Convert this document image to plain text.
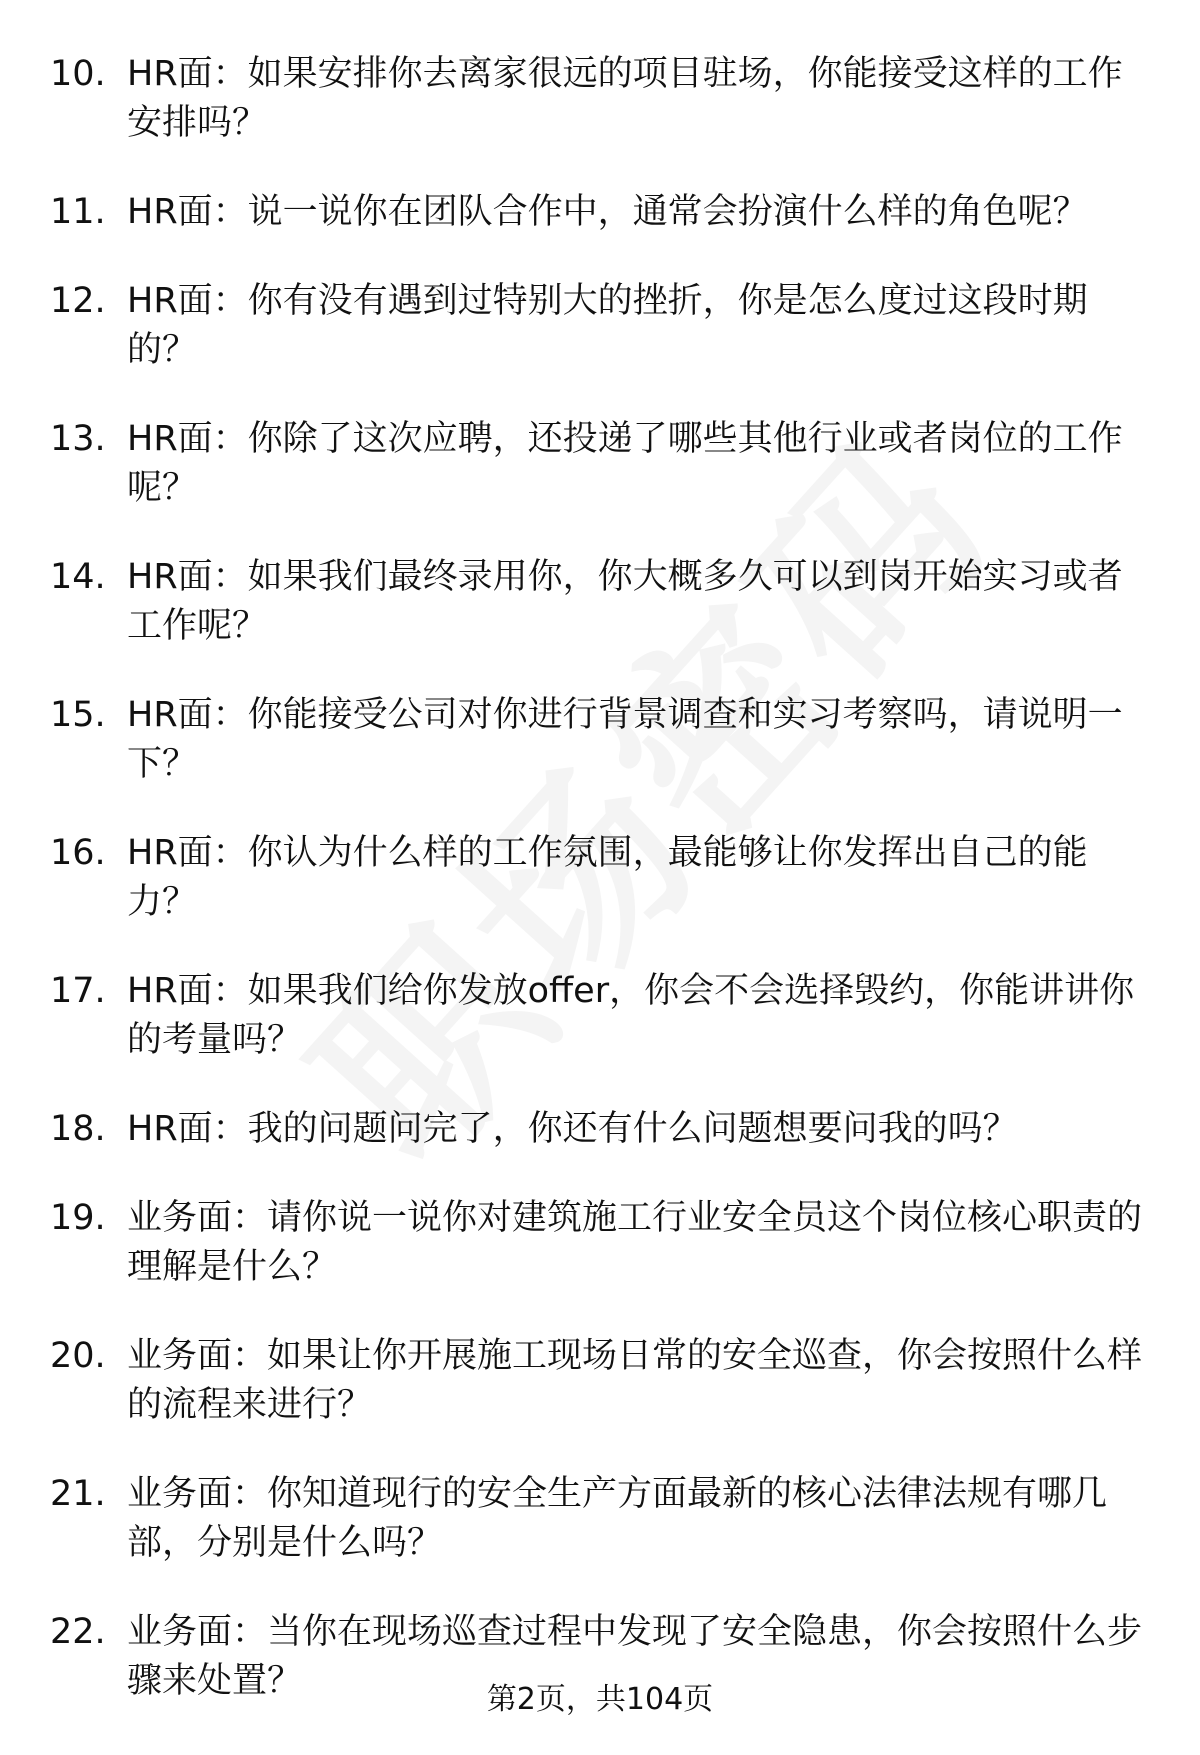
10. HR面：如果安排你去离家很远的项目驻场，你能接受这样的工作安排吗？
11. HR面：说一说你在团队合作中，通常会扮演什么样的角色呢？
12. HR面：你有没有遇到过特别大的挫折，你是怎么度过这段时期的？
13. HR面：你除了这次应聘，还投递了哪些其他行业或者岗位的工作呢？
14. HR面：如果我们最终录用你，你大概多久可以到岗开始实习或者工作呢？
15. HR面：你能接受公司对你进行背景调查和实习考察吗，请说明一下？
16. HR面：你认为什么样的工作氛围，最能够让你发挥出自己的能力？
17. HR面：如果我们给你发放offer，你会不会选择毁约，你能讲讲你的考量吗？
18. HR面：我的问题问完了，你还有什么问题想要问我的吗？
19. 业务面：请你说一说你对建筑施工行业安全员这个岗位核心职责的理解是什么？
20. 业务面：如果让你开展施工现场日常的安全巡查，你会按照什么样的流程来进行？
21. 业务面：你知道现行的安全生产方面最新的核心法律法规有哪几部，分别是什么吗？
22. 业务面：当你在现场巡查过程中发现了安全隐患，你会按照什么步骤来处置？	第2页，共104页
